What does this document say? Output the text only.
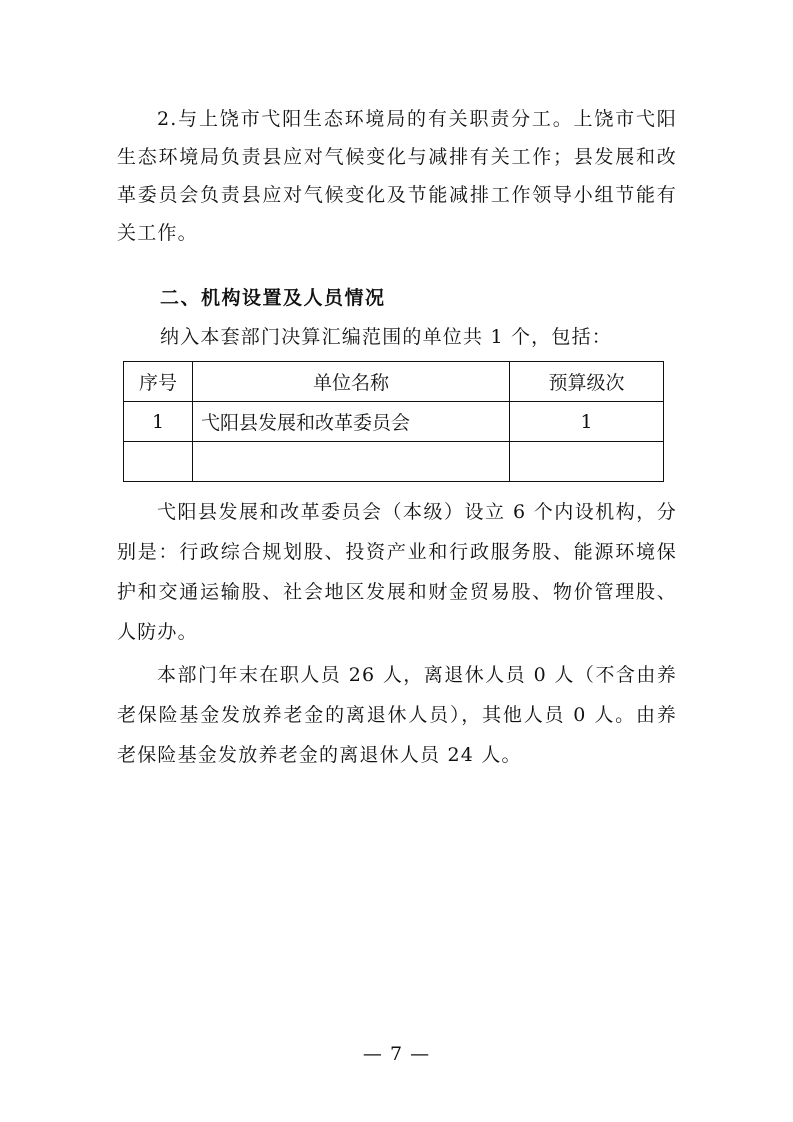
2.与上饶市弋阳生态环境局的有关职责分工。上饶市弋阳生态环境局负责县应对气候变化与减排有关工作；县发展和改革委员会负责县应对气候变化及节能减排工作领导小组节能有关工作。

二、机构设置及人员情况

纳入本套部门决算汇编范围的单位共 1 个，包括：

序号	单位名称	预算级次
1	弋阳县发展和改革委员会	1

弋阳县发展和改革委员会（本级）设立 6 个内设机构，分别是：行政综合规划股、投资产业和行政服务股、能源环境保护和交通运输股、社会地区发展和财金贸易股、物价管理股、人防办。

本部门年末在职人员 26 人，离退休人员 0 人（不含由养老保险基金发放养老金的离退休人员），其他人员 0 人。由养老保险基金发放养老金的离退休人员 24 人。

— 7 —
